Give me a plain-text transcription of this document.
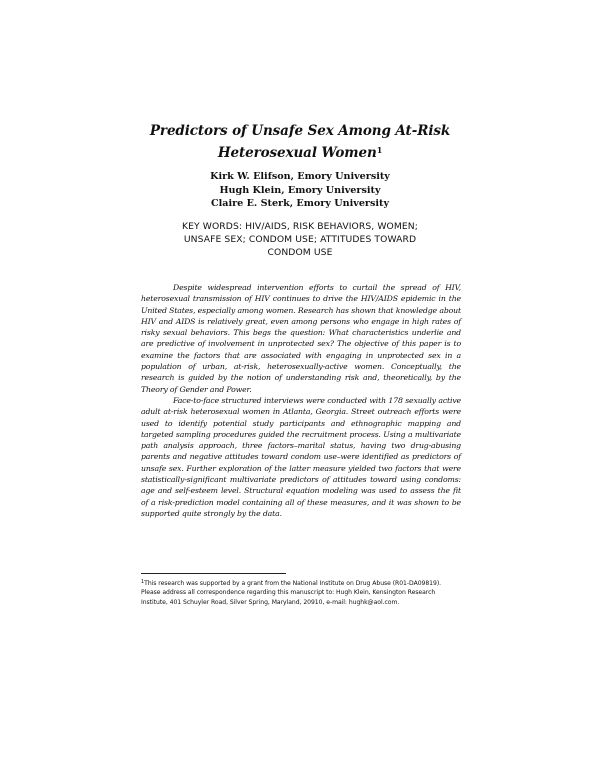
Predictors of Unsafe Sex Among At-Risk
Heterosexual Women$^1$
Kirk W. Elifson, Emory University
Hugh Klein, Emory University
Claire E. Sterk, Emory University
KEY WORDS: HIV/AIDS, RISK BEHAVIORS, WOMEN;
UNSAFE SEX; CONDOM USE; ATTITUDES TOWARD
CONDOM USE

Despite widespread intervention efforts to curtail the spread of HIV, heterosexual transmission of HIV continues to drive the HIV/AIDS epidemic in the United States, especially among women. Research has shown that knowledge about HIV and AIDS is relatively great, even among persons who engage in high rates of risky sexual behaviors. This begs the question: What characteristics underlie and are predictive of involvement in unprotected sex? The objective of this paper is to examine the factors that are associated with engaging in unprotected sex in a population of urban, at-risk, heterosexually-active women. Conceptually, the research is guided by the notion of understanding risk and, theoretically, by the Theory of Gender and Power.

Face-to-face structured interviews were conducted with 178 sexually active adult at-risk heterosexual women in Atlanta, Georgia. Street outreach efforts were used to identify potential study participants and ethnographic mapping and targeted sampling procedures guided the recruitment process. Using a multivariate path analysis approach, three factors–marital status, having two drug-abusing parents and negative attitudes toward condom use–were identified as predictors of unsafe sex. Further exploration of the latter measure yielded two factors that were statistically-significant multivariate predictors of attitudes toward using condoms: age and self-esteem level. Structural equation modeling was used to assess the fit of a risk-prediction model containing all of these measures, and it was shown to be supported quite strongly by the data.

$^1$This research was supported by a grant from the National Institute on Drug Abuse (R01-DA09819). Please address all correspondence regarding this manuscript to: Hugh Klein, Kensington Research Institute, 401 Schuyler Road, Silver Spring, Maryland, 20910, e-mail: hughk@aol.com.
